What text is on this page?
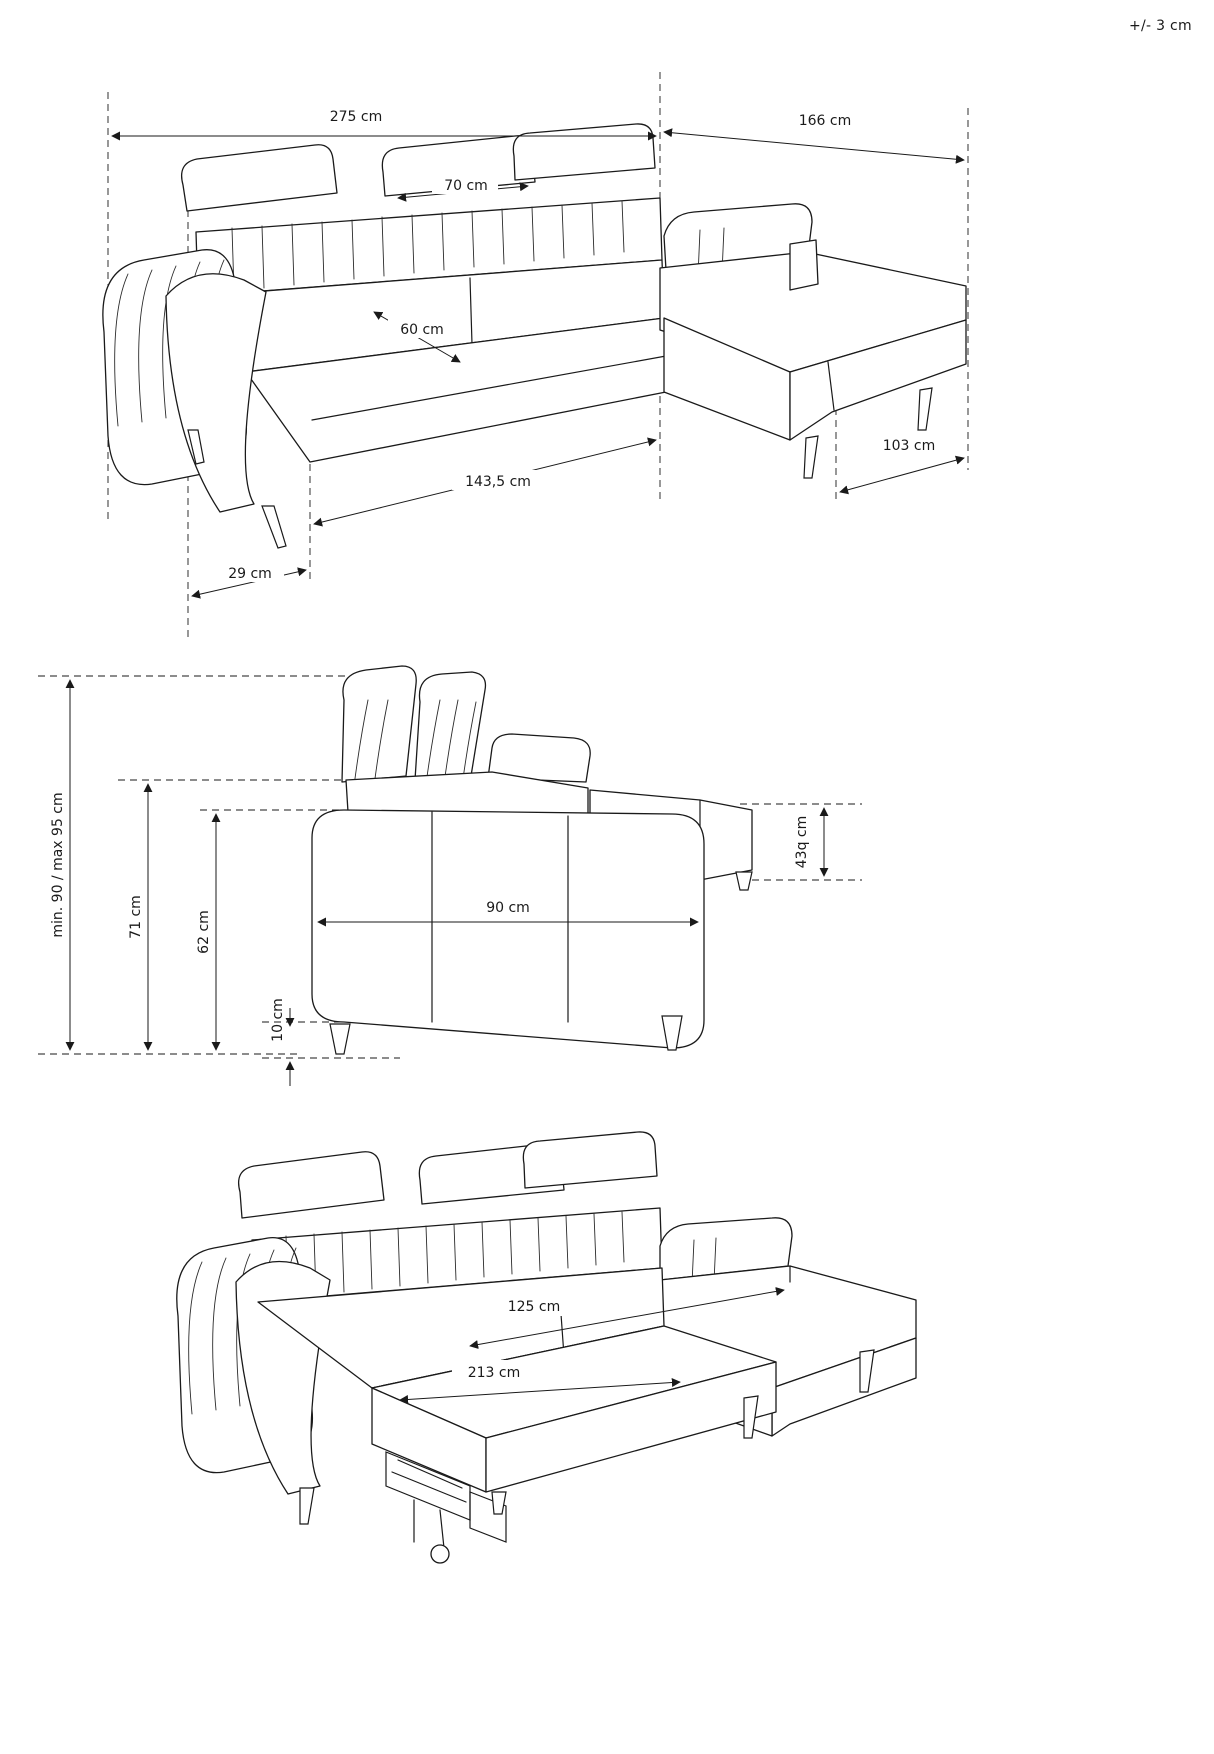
+/- 3 cm
275 cm	166 cm
70 cm
60 cm
143,5 cm
29 cm
103 cm
min. 90 / max 95 cm	71 cm	62 cm
10 cm
90 cm
43q cm
125 cm
213 cm
